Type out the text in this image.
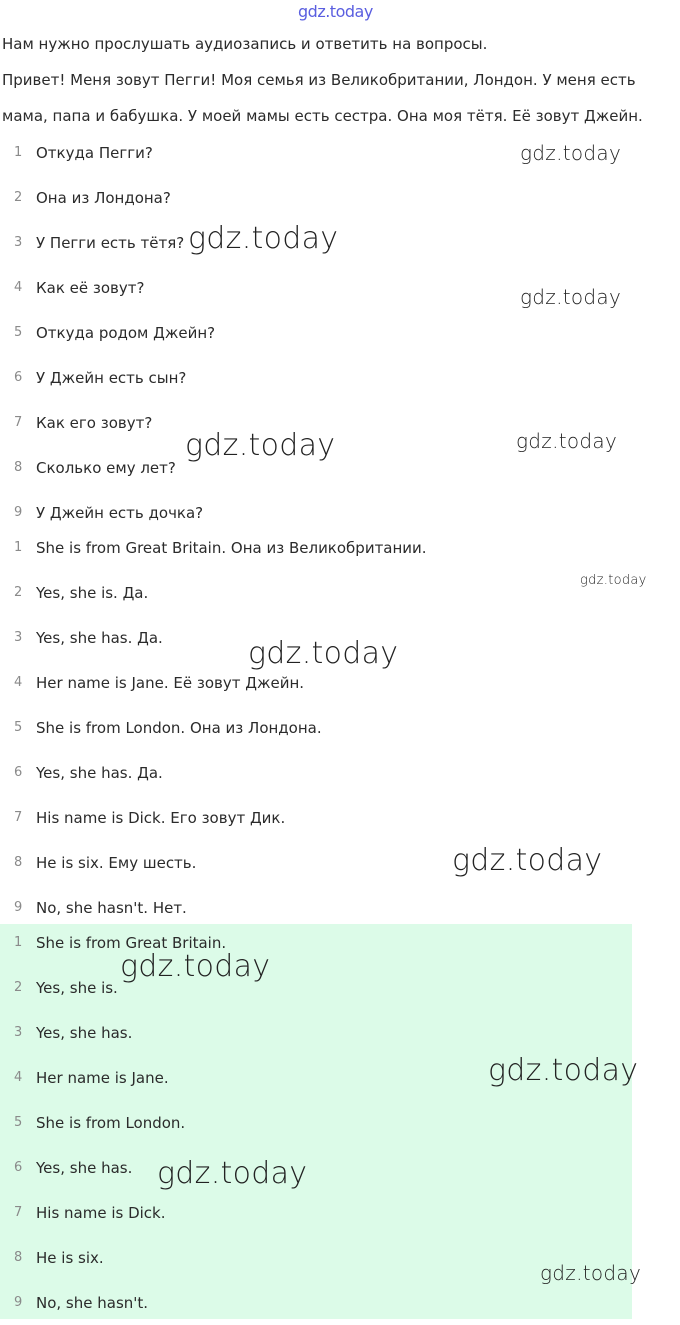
gdz.today
Нам нужно прослушать аудиозапись и ответить на вопросы.
Привет! Меня зовут Пегги! Моя семья из Великобритании, Лондон. У меня есть
мама, папа и бабушка. У моей мамы есть сестра. Она моя тётя. Её зовут Джейн.
1 Откуда Пегги?
2 Она из Лондона?
3 У Пегги есть тётя?
4 Как её зовут?
5 Откуда родом Джейн?
6 У Джейн есть сын?
7 Как его зовут?
8 Сколько ему лет?
9 У Джейн есть дочка?
1 She is from Great Britain. Она из Великобритании.
2 Yes, she is. Да.
3 Yes, she has. Да.
4 Her name is Jane. Её зовут Джейн.
5 She is from London. Она из Лондона.
6 Yes, she has. Да.
7 His name is Dick. Его зовут Дик.
8 He is six. Ему шесть.
9 No, she hasn't. Нет.
1 She is from Great Britain.
2 Yes, she is.
3 Yes, she has.
4 Her name is Jane.
5 She is from London.
6 Yes, she has.
7 His name is Dick.
8 He is six.
9 No, she hasn't.
gdz.today
gdz.today
gdz.today
gdz.today	gdz.today
gdz.today
gdz.today
gdz.today
gdz.today
gdz.today
gdz.today
gdz.today
